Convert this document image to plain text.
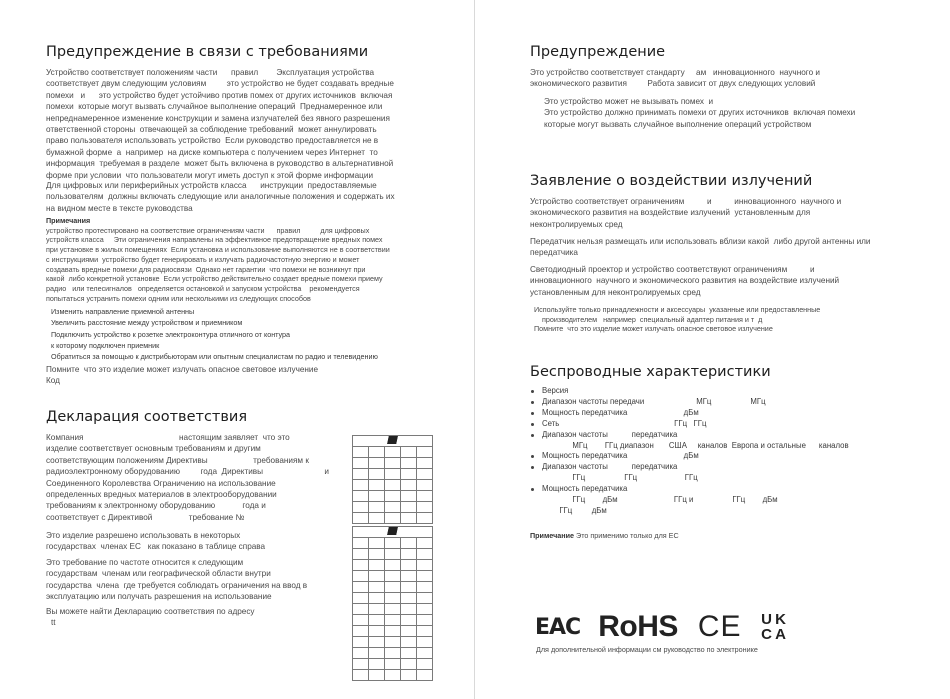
Предупреждение в связи с требованиями
Устройство соответствует положениям части      правил        Эксплуатация устройства
соответствует двум следующим условиям         это устройство не будет создавать вредные
помехи   и      это устройство будет устойчиво против помех от других источников  включая
помехи  которые могут вызвать случайное выполнение операций  Преднамеренное или
непреднамеренное изменение конструкции и замена излучателей без явного разрешения
ответственной стороны  отвечающей за соблюдение требований  может аннулировать
право пользователя использовать устройство  Если руководство предоставляется не в
бумажной форме  а  например  на диске компьютера с получением через Интернет  то
информация  требуемая в разделе  может быть включена в руководство в альтернативной
форме при условии  что пользователи могут иметь доступ к этой форме информации
Для цифровых или периферийных устройств класса      инструкции  предоставляемые
пользователям  должны включать следующие или аналогичные положения и содержать их
на видном месте в тексте руководства
Примечания
устройство протестировано на соответствие ограничениям части      правил          для цифровых
устройств класса     Эти ограничения направлены на эффективное предотвращение вредных помех
при установке в жилых помещениях  Если установка и использование выполняются не в соответствии
с инструкциями  устройство будет генерировать и излучать радиочастотную энергию и может
создавать вредные помехи для радиосвязи  Однако нет гарантии  что помехи не возникнут при
какой  либо конкретной установке  Если устройство действительно создает вредные помехи приему
радио   или телесигналов   определяется остановкой и запуском устройства    рекомендуется
попытаться устранить помехи одним или несколькими из следующих способов
Изменить направление приемной антенны
Увеличить расстояние между устройством и приемником
Подключить устройство к розетке электроконтура отличного от контура
к которому подключен приемник
Обратиться за помощью к дистрибьюторам или опытным специалистам по радио и телевидению
Помните  что это изделие может излучать опасное световое излучение
Код
Декларация соответствия
Компания                                          настоящим заявляет  что это
изделие соответствует основным требованиям и другим
соответствующим положениям Директивы                    требованиям к
радиоэлектронному оборудованию         года  Директивы                           и
Соединенного Королевства Ограничению на использование
определенных вредных материалов в электрооборудовании
требованиям к электронному оборудованию            года и
соответствует с Директивой                требование №
Это изделие разрешено использовать в некоторых
государствах  членах ЕС   как показано в таблице справа
Это требование по частоте относится к следующим
государствам  членам или географической области внутри
государства  члена  где требуется соблюдать ограничения на ввод в
эксплуатацию или получать разрешения на использование
Вы можете найти Декларацию соответствия по адресу
tt

Предупреждение
Это устройство соответствует стандарту     ам   инновационного  научного и
экономического развития         Работа зависит от двух следующих условий
Это устройство может не вызывать помех  и
Это устройство должно принимать помехи от других источников  включая помехи
которые могут вызвать случайное выполнение операций устройством
Заявление о воздействии излучений
Устройство соответствует ограничениям          и          инновационного  научного и
экономического развития на воздействие излучений  установленным для
неконтролируемых сред
Передатчик нельзя размещать или использовать вблизи какой  либо другой антенны или
передатчика
Светодиодный проектор и устройство соответствуют ограничениям          и
инновационного  научного и экономического развития на воздействие излучений
установленным для неконтролируемых сред
Используйте только принадлежности и аксессуары  указанные или предоставленные
производителем   например  специальный адаптер питания и т  д
Помните  что это изделие может излучать опасное световое излучение
Беспроводные характеристики
Версия
Диапазон частоты передачи                        МГц                  МГц
Мощность передатчика                          дБм
Сеть                                                     ГГц   ГГц
Диапазон частоты           передатчика
МГц        ГГц диапазон       США     каналов  Европа и остальные      каналов
Мощность передатчика                          дБм
Диапазон частоты           передатчика
ГГц                  ГГц                      ГГц
Мощность передатчика
ГГц        дБм                          ГГц и                  ГГц        дБм
ГГц         дБм
Примечание Это применимо только для ЕС
EAC RoHS CE U K
C A
Для дополнительной информации см руководство по электронике
